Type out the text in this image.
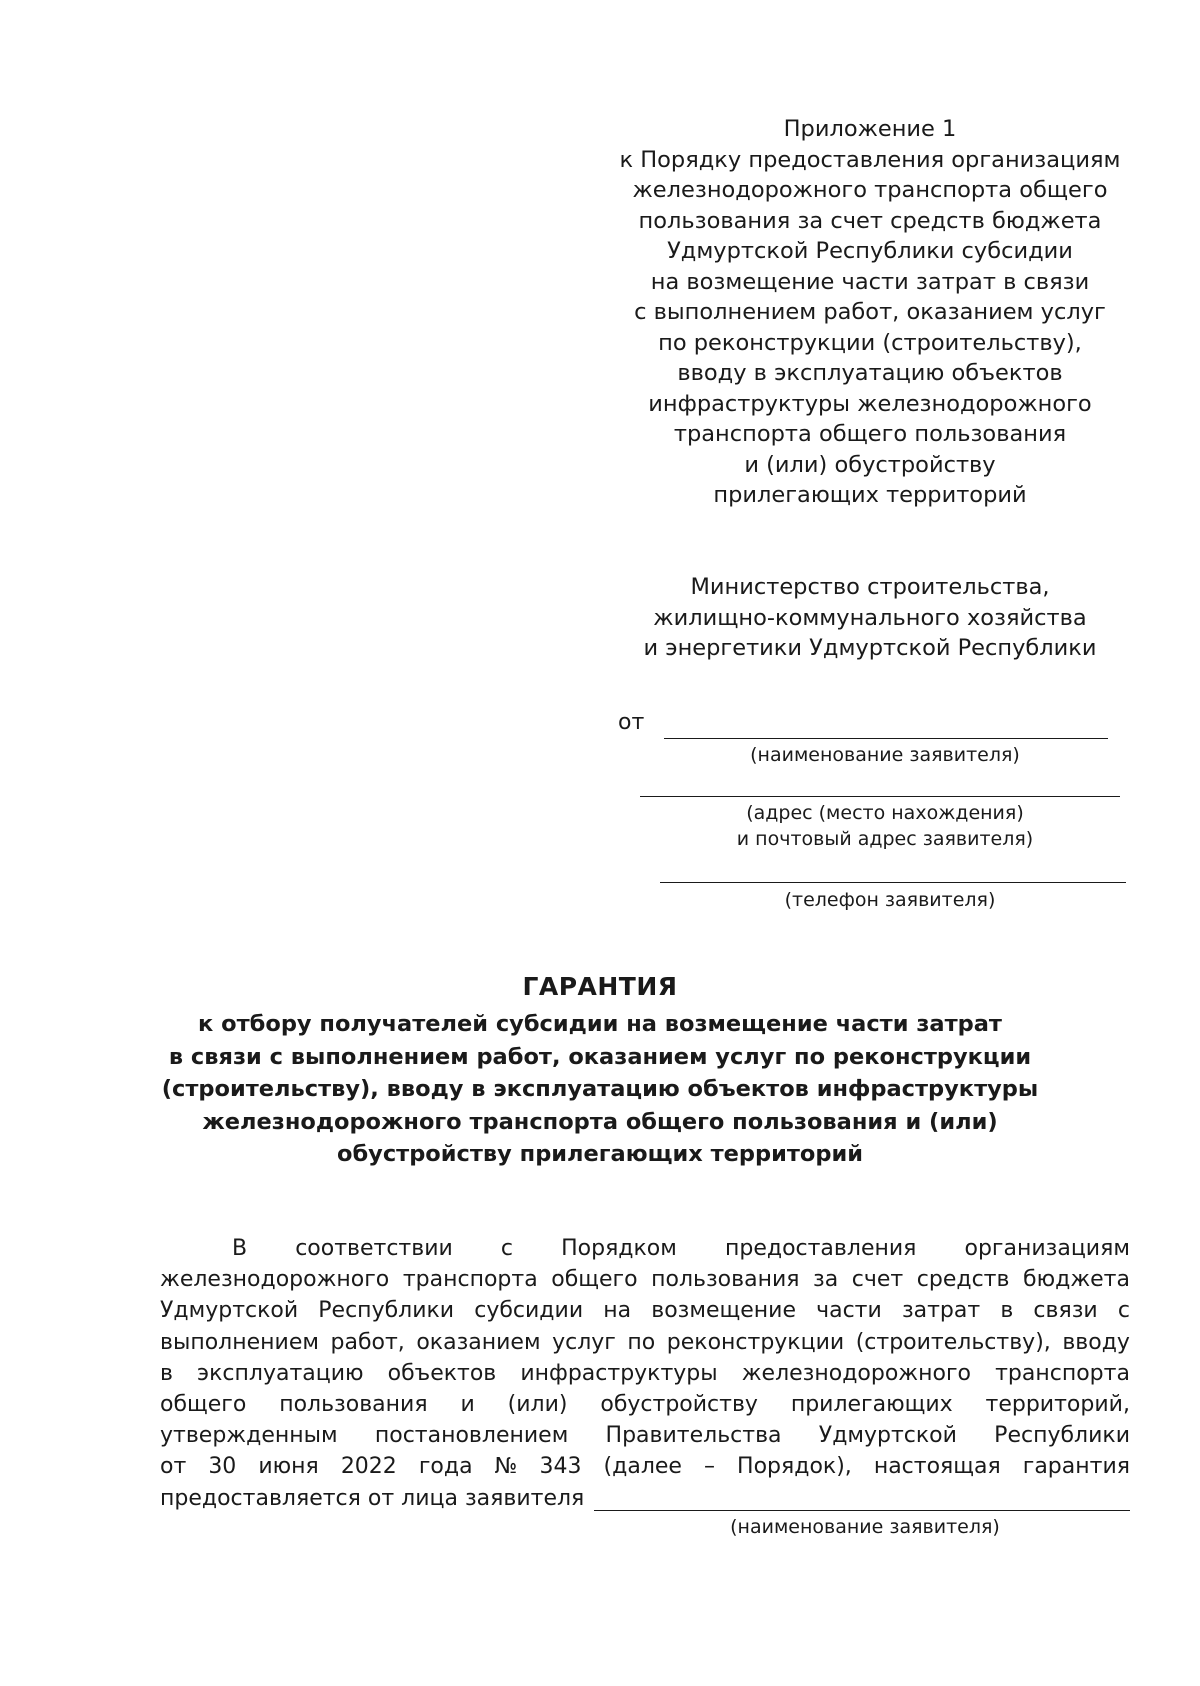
Приложение 1
к Порядку предоставления организациям
железнодорожного транспорта общего
пользования за счет средств бюджета
Удмуртской Республики субсидии
на возмещение части затрат в связи
с выполнением работ, оказанием услуг
по реконструкции (строительству),
вводу в эксплуатацию объектов
инфраструктуры железнодорожного
транспорта общего пользования
и (или) обустройству
прилегающих территорий
Министерство строительства,
жилищно-коммунального хозяйства
и энергетики Удмуртской Республики
от
(наименование заявителя)
(адрес (место нахождения)
и почтовый адрес заявителя)
(телефон заявителя)
ГАРАНТИЯ
к отбору получателей субсидии на возмещение части затрат
в связи с выполнением работ, оказанием услуг по реконструкции
(строительству), вводу в эксплуатацию объектов инфраструктуры
железнодорожного транспорта общего пользования и (или)
обустройству прилегающих территорий
В соответствии с Порядком предоставления организациям
железнодорожного транспорта общего пользования за счет средств бюджета
Удмуртской Республики субсидии на возмещение части затрат в связи с
выполнением работ, оказанием услуг по реконструкции (строительству), вводу
в эксплуатацию объектов инфраструктуры железнодорожного транспорта
общего пользования и (или) обустройству прилегающих территорий,
утвержденным постановлением Правительства Удмуртской Республики
от 30 июня 2022 года № 343 (далее – Порядок), настоящая гарантия
предоставляется от лица заявителя
(наименование заявителя)
